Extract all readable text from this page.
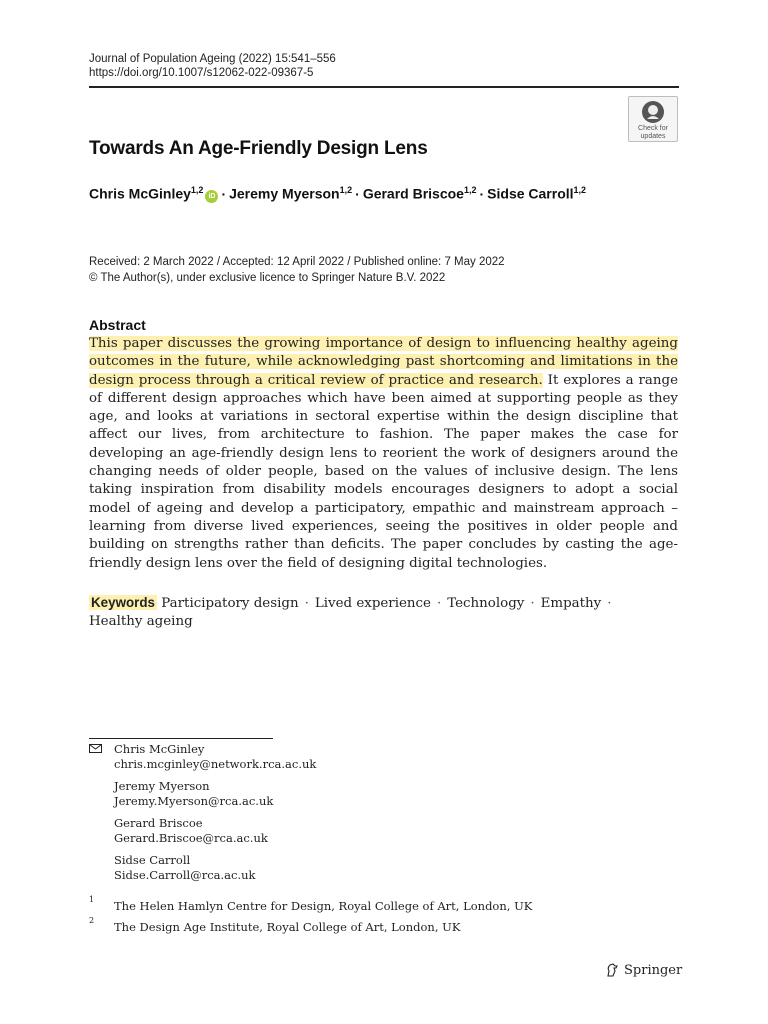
Journal of Population Ageing (2022) 15:541–556
https://doi.org/10.1007/s12062-022-09367-5
Check for
updates
Towards An Age-Friendly Design Lens
Chris McGinley$^{1,2}$iD · Jeremy Myerson$^{1,2}$ · Gerard Briscoe$^{1,2}$ · Sidse Carroll$^{1,2}$
Received: 2 March 2022 / Accepted: 12 April 2022 / Published online: 7 May 2022
© The Author(s), under exclusive licence to Springer Nature B.V. 2022
Abstract
This paper discusses the growing importance of design to influencing healthy ageing outcomes in the future, while acknowledging past shortcoming and limitations in the design process through a critical review of practice and research. It explores a range of different design approaches which have been aimed at supporting people as they age, and looks at variations in sectoral expertise within the design discipline that affect our lives, from architecture to fashion. The paper makes the case for developing an age-friendly design lens to reorient the work of designers around the changing needs of older people, based on the values of inclusive design. The lens taking inspiration from disability models encourages designers to adopt a social model of ageing and develop a participatory, empathic and mainstream approach – learning from diverse lived experiences, seeing the positives in older people and building on strengths rather than deficits. The paper concludes by casting the age-friendly design lens over the field of designing digital technologies.
Keywords Participatory design · Lived experience · Technology · Empathy ·
Healthy ageing
Chris McGinley
chris.mcginley@network.rca.ac.uk
Jeremy Myerson
Jeremy.Myerson@rca.ac.uk
Gerard Briscoe
Gerard.Briscoe@rca.ac.uk
Sidse Carroll
Sidse.Carroll@rca.ac.uk
1 The Helen Hamlyn Centre for Design, Royal College of Art, London, UK
2 The Design Age Institute, Royal College of Art, London, UK
Springer
